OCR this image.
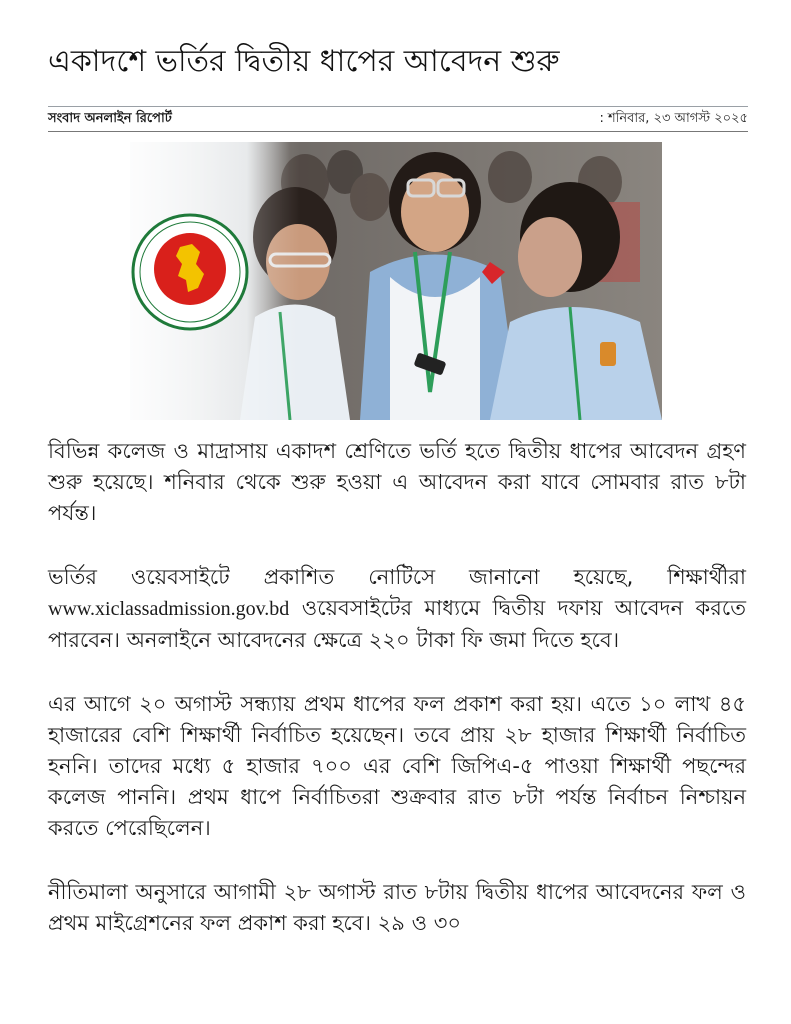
একাদশে ভর্তির দ্বিতীয় ধাপের আবেদন শুরু
সংবাদ অনলাইন রিপোর্ট	: শনিবার, ২৩ আগস্ট ২০২৫

বিভিন্ন কলেজ ও মাদ্রাসায় একাদশ শ্রেণিতে ভর্তি হতে দ্বিতীয় ধাপের আবেদন গ্রহণ শুরু হয়েছে। শনিবার থেকে শুরু হওয়া এ আবেদন করা যাবে সোমবার রাত ৮টা পর্যন্ত।

ভর্তির ওয়েবসাইটে প্রকাশিত নোটিসে জানানো হয়েছে, শিক্ষার্থীরা www.xiclassadmission.gov.bd ওয়েবসাইটের মাধ্যমে দ্বিতীয় দফায় আবেদন করতে পারবেন। অনলাইনে আবেদনের ক্ষেত্রে ২২০ টাকা ফি জমা দিতে হবে।

এর আগে ২০ অগাস্ট সন্ধ্যায় প্রথম ধাপের ফল প্রকাশ করা হয়। এতে ১০ লাখ ৪৫ হাজারের বেশি শিক্ষার্থী নির্বাচিত হয়েছেন। তবে প্রায় ২৮ হাজার শিক্ষার্থী নির্বাচিত হননি। তাদের মধ্যে ৫ হাজার ৭০০ এর বেশি জিপিএ-৫ পাওয়া শিক্ষার্থী পছন্দের কলেজ পাননি। প্রথম ধাপে নির্বাচিতরা শুক্রবার রাত ৮টা পর্যন্ত নির্বাচন নিশ্চায়ন করতে পেরেছিলেন।

নীতিমালা অনুসারে আগামী ২৮ অগাস্ট রাত ৮টায় দ্বিতীয় ধাপের আবেদনের ফল ও প্রথম মাইগ্রেশনের ফল প্রকাশ করা হবে। ২৯ ও ৩০
